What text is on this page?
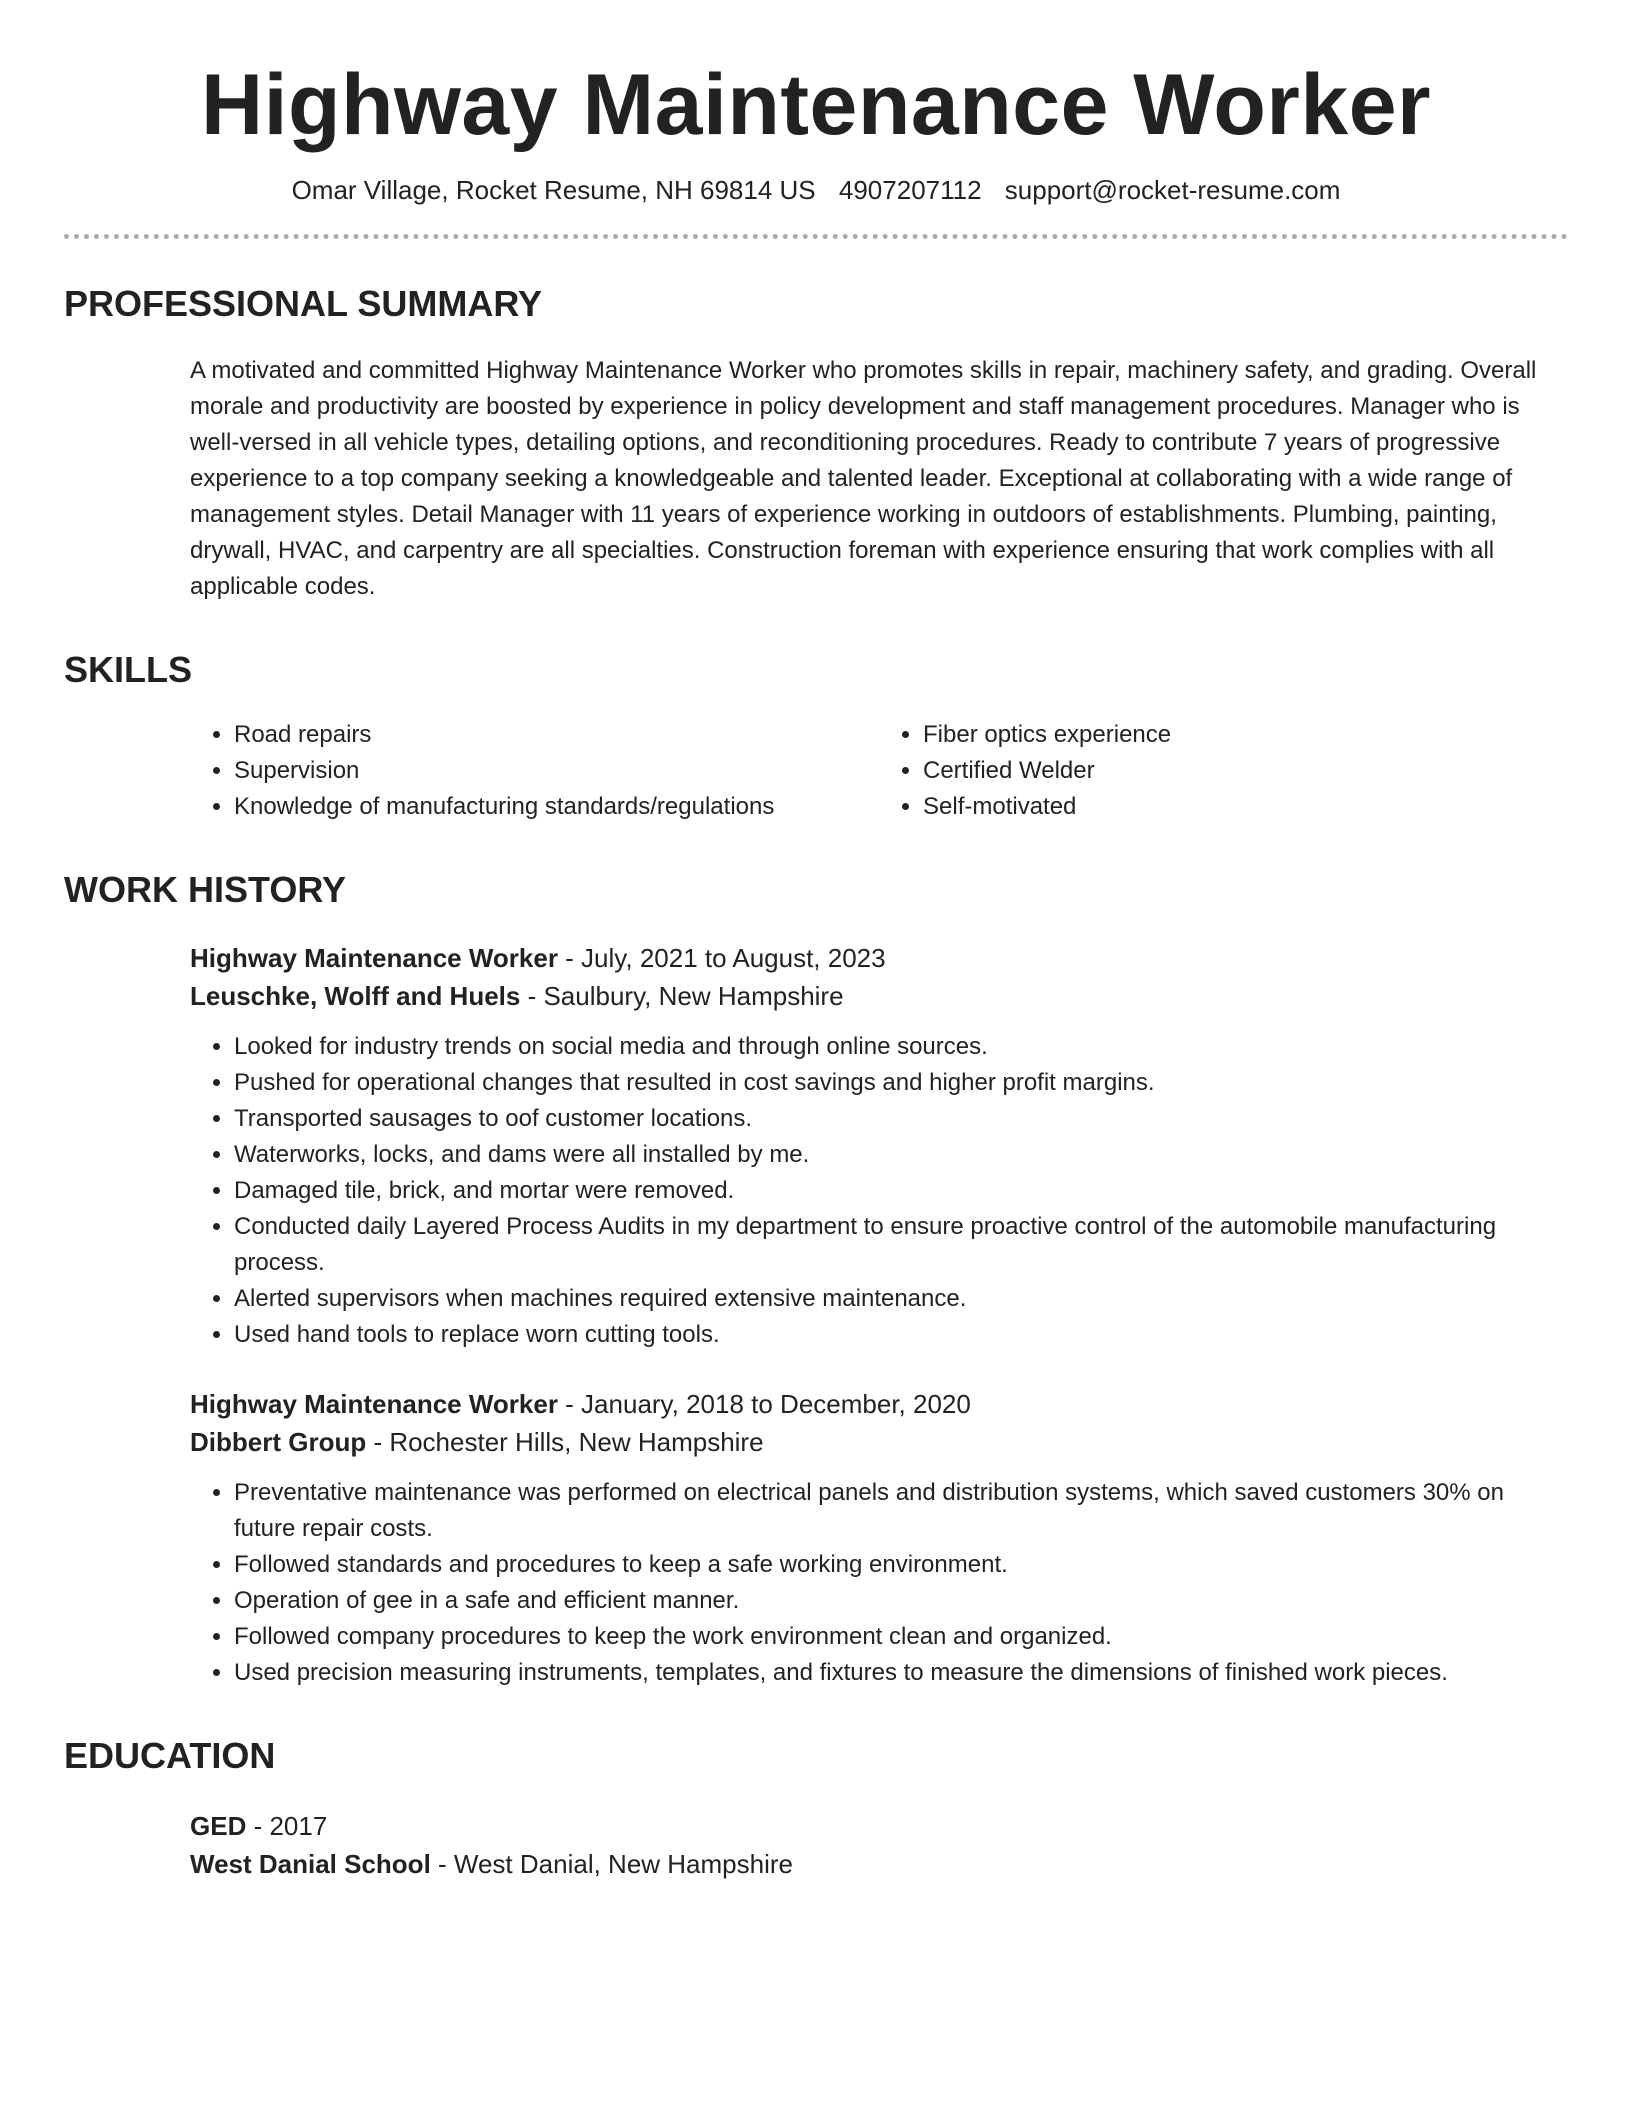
Highway Maintenance Worker
Omar Village, Rocket Resume, NH 69814 US 4907207112 support@rocket-resume.com
PROFESSIONAL SUMMARY
A motivated and committed Highway Maintenance Worker who promotes skills in repair, machinery safety, and grading. Overall morale and productivity are boosted by experience in policy development and staff management procedures. Manager who is well-versed in all vehicle types, detailing options, and reconditioning procedures. Ready to contribute 7 years of progressive experience to a top company seeking a knowledgeable and talented leader. Exceptional at collaborating with a wide range of management styles. Detail Manager with 11 years of experience working in outdoors of establishments. Plumbing, painting, drywall, HVAC, and carpentry are all specialties. Construction foreman with experience ensuring that work complies with all applicable codes.
SKILLS
• Road repairs
• Supervision
• Knowledge of manufacturing standards/regulations
• Fiber optics experience
• Certified Welder
• Self-motivated
WORK HISTORY
Highway Maintenance Worker - July, 2021 to August, 2023
Leuschke, Wolff and Huels - Saulbury, New Hampshire
• Looked for industry trends on social media and through online sources.
• Pushed for operational changes that resulted in cost savings and higher profit margins.
• Transported sausages to oof customer locations.
• Waterworks, locks, and dams were all installed by me.
• Damaged tile, brick, and mortar were removed.
• Conducted daily Layered Process Audits in my department to ensure proactive control of the automobile manufacturing process.
• Alerted supervisors when machines required extensive maintenance.
• Used hand tools to replace worn cutting tools.
Highway Maintenance Worker - January, 2018 to December, 2020
Dibbert Group - Rochester Hills, New Hampshire
• Preventative maintenance was performed on electrical panels and distribution systems, which saved customers 30% on future repair costs.
• Followed standards and procedures to keep a safe working environment.
• Operation of gee in a safe and efficient manner.
• Followed company procedures to keep the work environment clean and organized.
• Used precision measuring instruments, templates, and fixtures to measure the dimensions of finished work pieces.
EDUCATION
GED - 2017
West Danial School - West Danial, New Hampshire
